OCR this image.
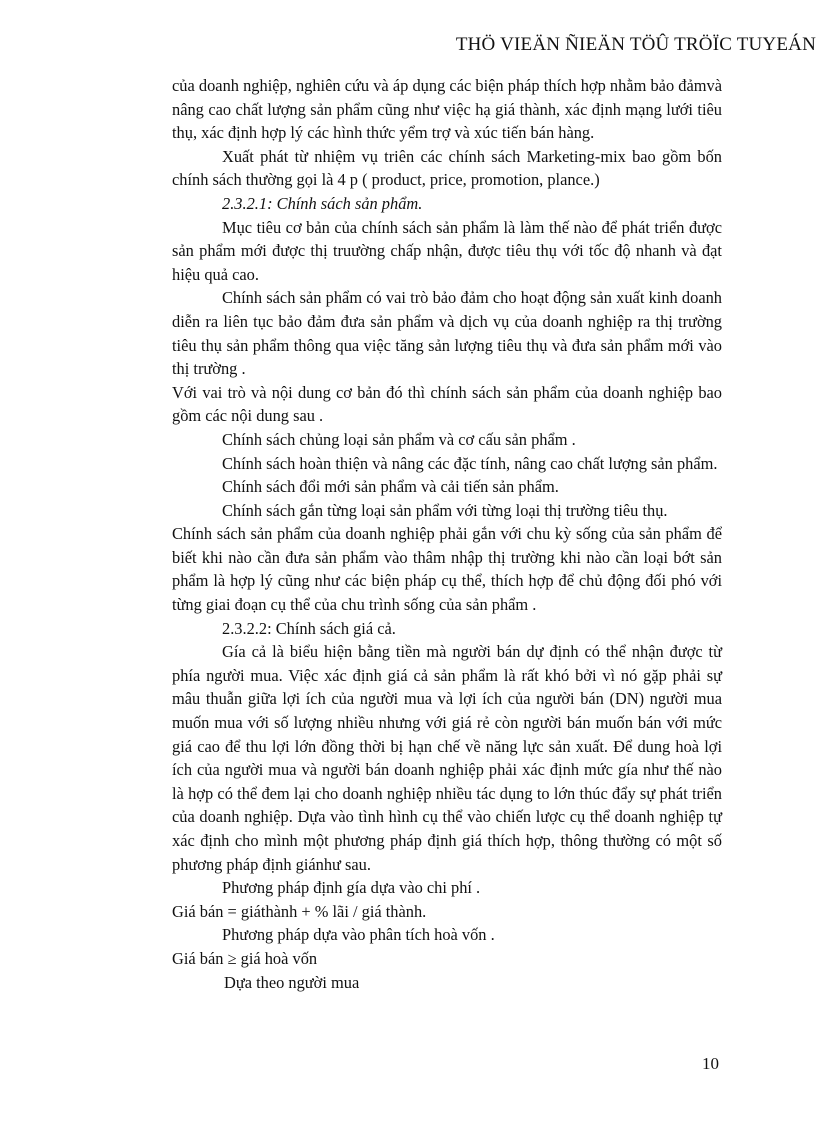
THÖ VIEÄN ÑIEÄN TÖÛ TRÖÏC TUYEÁN

của doanh nghiệp, nghiên cứu và áp dụng các biện pháp thích hợp nhằm bảo đảmvà nâng cao chất lượng sản phẩm cũng như việc hạ giá thành, xác định mạng lưới tiêu thụ, xác định hợp lý các hình thức yểm trợ và xúc tiến bán hàng.

Xuất phát từ nhiệm vụ triên các chính sách Marketing-mix bao gồm bốn chính sách thường gọi là 4 p ( product, price, promotion, plance.)

2.3.2.1: Chính sách sản phẩm.

Mục tiêu cơ bản của chính sách sản phẩm là làm thế nào để phát triển được sản phẩm mới được thị truường chấp nhận, được tiêu thụ với tốc độ nhanh và đạt hiệu quả cao.

Chính sách sản phẩm có vai trò bảo đảm cho hoạt động sản xuất kinh doanh diễn ra liên tục bảo đảm đưa sản phẩm và dịch vụ của doanh nghiệp ra thị trường tiêu thụ sản phẩm thông qua việc tăng sản lượng tiêu thụ và đưa sản phẩm mới vào thị trường .

Với vai trò và nội dung cơ bản đó thì chính sách sản phẩm của doanh nghiệp bao gồm các nội dung sau .

Chính sách chủng loại sản phẩm và cơ cấu sản phẩm .

Chính sách hoàn thiện và nâng các đặc tính, nâng cao chất lượng sản phẩm.

Chính sách đổi mới sản phẩm và cải tiến sản phẩm.

Chính sách gắn từng loại sản phẩm với từng loại thị trường tiêu thụ.

Chính sách sản phẩm của doanh nghiệp phải gắn với chu kỳ sống của sản phẩm để biết khi nào cần đưa sản phẩm vào thâm nhập thị trường khi nào cần loại bớt sản phẩm là hợp lý cũng như các biện pháp cụ thể, thích hợp để chủ động đối phó với từng giai đoạn cụ thể của chu trình sống của sản phẩm .

2.3.2.2: Chính sách giá cả.

Gía cả là biểu hiện bằng tiền mà người bán dự định có thể nhận được từ phía người mua. Việc xác định giá cả sản phẩm là rất khó bởi vì nó gặp phải sự mâu thuẫn giữa lợi ích của người mua và lợi ích của người bán (DN) người mua muốn mua với số lượng nhiều nhưng với giá rẻ còn người bán muốn bán với mức giá cao để thu lợi lớn đồng thời bị hạn chế về năng lực sản xuất. Để dung hoà lợi ích của người mua và người bán doanh nghiệp phải xác định mức gía như thế nào là hợp có thể đem lại cho doanh nghiệp nhiều tác dụng to lớn thúc đẩy sự phát triển của doanh nghiệp. Dựa vào tình hình cụ thể vào chiến lược cụ thể doanh nghiệp tự xác định cho mình một phương pháp định giá thích hợp, thông thường có một số phương pháp định giánhư sau.

Phương pháp định gía dựa vào chi phí .

Giá bán = giáthành + % lãi / giá thành.

Phương pháp dựa vào phân tích hoà vốn .

Giá bán ≥ giá hoà vốn

Dựa theo người mua

10
